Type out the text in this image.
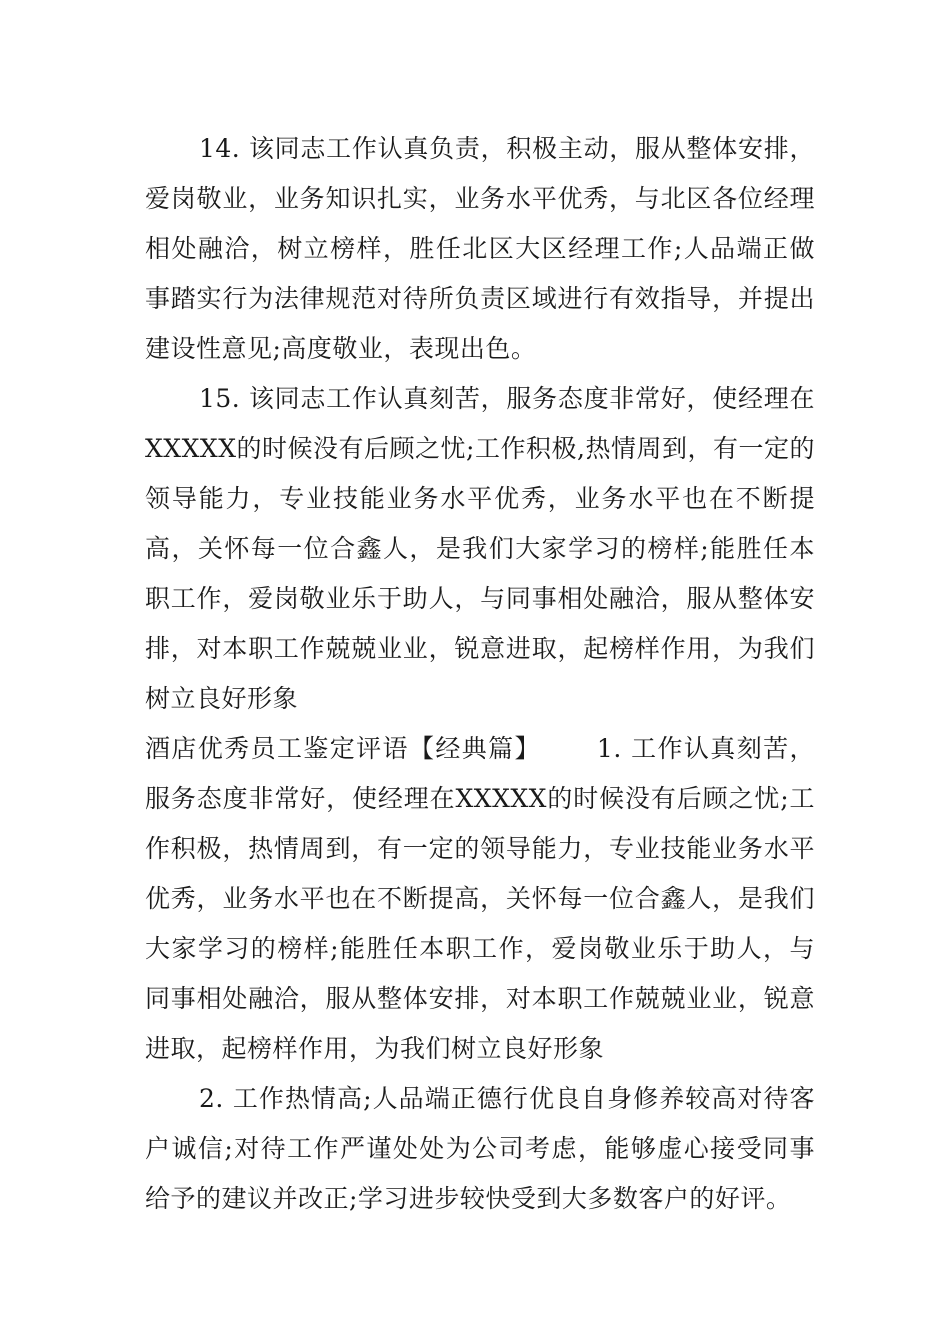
14. 该同志工作认真负责，积极主动，服从整体安排，爱岗敬业，业务知识扎实，业务水平优秀，与北区各位经理相处融洽，树立榜样，胜任北区大区经理工作;人品端正做事踏实行为法律规范对待所负责区域进行有效指导，并提出建设性意见;高度敬业，表现出色。

15. 该同志工作认真刻苦，服务态度非常好，使经理在XXXXX的时候没有后顾之忧;工作积极,热情周到，有一定的领导能力，专业技能业务水平优秀，业务水平也在不断提高，关怀每一位合鑫人，是我们大家学习的榜样;能胜任本职工作，爱岗敬业乐于助人，与同事相处融洽，服从整体安排，对本职工作兢兢业业，锐意进取，起榜样作用，为我们树立良好形象

酒店优秀员工鉴定评语【经典篇】 1. 工作认真刻苦，服务态度非常好，使经理在XXXXX的时候没有后顾之忧;工作积极，热情周到，有一定的领导能力，专业技能业务水平优秀，业务水平也在不断提高，关怀每一位合鑫人，是我们大家学习的榜样;能胜任本职工作，爱岗敬业乐于助人，与同事相处融洽，服从整体安排，对本职工作兢兢业业，锐意进取，起榜样作用，为我们树立良好形象

2. 工作热情高;人品端正德行优良自身修养较高对待客户诚信;对待工作严谨处处为公司考虑，能够虚心接受同事给予的建议并改正;学习进步较快受到大多数客户的好评。
